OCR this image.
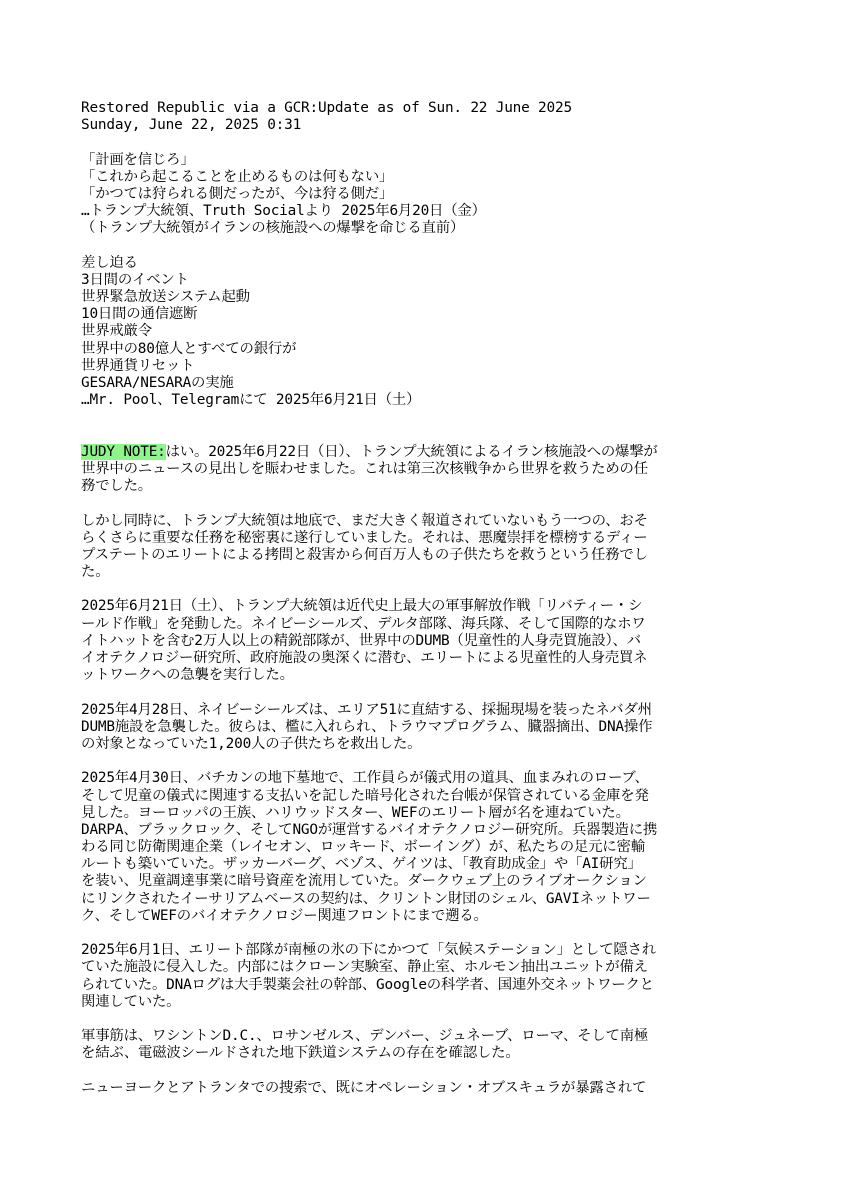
Restored Republic via a GCR:Update as of Sun. 22 June 2025
Sunday, June 22, 2025 0:31
「計画を信じろ」
「これから起こることを止めるものは何もない」
「かつては狩られる側だったが、今は狩る側だ」
…トランプ大統領、Truth Socialより 2025年6月20日（金）
（トランプ大統領がイランの核施設への爆撃を命じる直前）
差し迫る
3日間のイベント
世界緊急放送システム起動
10日間の通信遮断
世界戒厳令
世界中の80億人とすべての銀行が
世界通貨リセット
GESARA/NESARAの実施
…Mr. Pool、Telegramにて 2025年6月21日（土）
JUDY NOTE:はい。2025年6月22日（日）、トランプ大統領によるイラン核施設への爆撃が
世界中のニュースの見出しを賑わせました。これは第三次核戦争から世界を救うための任
務でした。
しかし同時に、トランプ大統領は地底で、まだ大きく報道されていないもう一つの、おそ
らくさらに重要な任務を秘密裏に遂行していました。それは、悪魔崇拝を標榜するディー
プステートのエリートによる拷問と殺害から何百万人もの子供たちを救うという任務でし
た。
2025年6月21日（土）、トランプ大統領は近代史上最大の軍事解放作戦「リバティー・シ
ールド作戦」を発動した。ネイビーシールズ、デルタ部隊、海兵隊、そして国際的なホワ
イトハットを含む2万人以上の精鋭部隊が、世界中のDUMB（児童性的人身売買施設）、バ
イオテクノロジー研究所、政府施設の奥深くに潜む、エリートによる児童性的人身売買ネ
ットワークへの急襲を実行した。
2025年4月28日、ネイビーシールズは、エリア51に直結する、採掘現場を装ったネバダ州
DUMB施設を急襲した。彼らは、檻に入れられ、トラウマプログラム、臓器摘出、DNA操作
の対象となっていた1,200人の子供たちを救出した。
2025年4月30日、バチカンの地下墓地で、工作員らが儀式用の道具、血まみれのローブ、
そして児童の儀式に関連する支払いを記した暗号化された台帳が保管されている金庫を発
見した。ヨーロッパの王族、ハリウッドスター、WEFのエリート層が名を連ねていた。
DARPA、ブラックロック、そしてNGOが運営するバイオテクノロジー研究所。兵器製造に携
わる同じ防衛関連企業（レイセオン、ロッキード、ボーイング）が、私たちの足元に密輸
ルートも築いていた。ザッカーバーグ、ベゾス、ゲイツは、「教育助成金」や「AI研究」
を装い、児童調達事業に暗号資産を流用していた。ダークウェブ上のライブオークション
にリンクされたイーサリアムベースの契約は、クリントン財団のシェル、GAVIネットワー
ク、そしてWEFのバイオテクノロジー関連フロントにまで遡る。
2025年6月1日、エリート部隊が南極の氷の下にかつて「気候ステーション」として隠され
ていた施設に侵入した。内部にはクローン実験室、静止室、ホルモン抽出ユニットが備え
られていた。DNAログは大手製薬会社の幹部、Googleの科学者、国連外交ネットワークと
関連していた。
軍事筋は、ワシントンD.C.、ロサンゼルス、デンバー、ジュネーブ、ローマ、そして南極
を結ぶ、電磁波シールドされた地下鉄道システムの存在を確認した。
ニューヨークとアトランタでの捜索で、既にオペレーション・オブスキュラが暴露されて
